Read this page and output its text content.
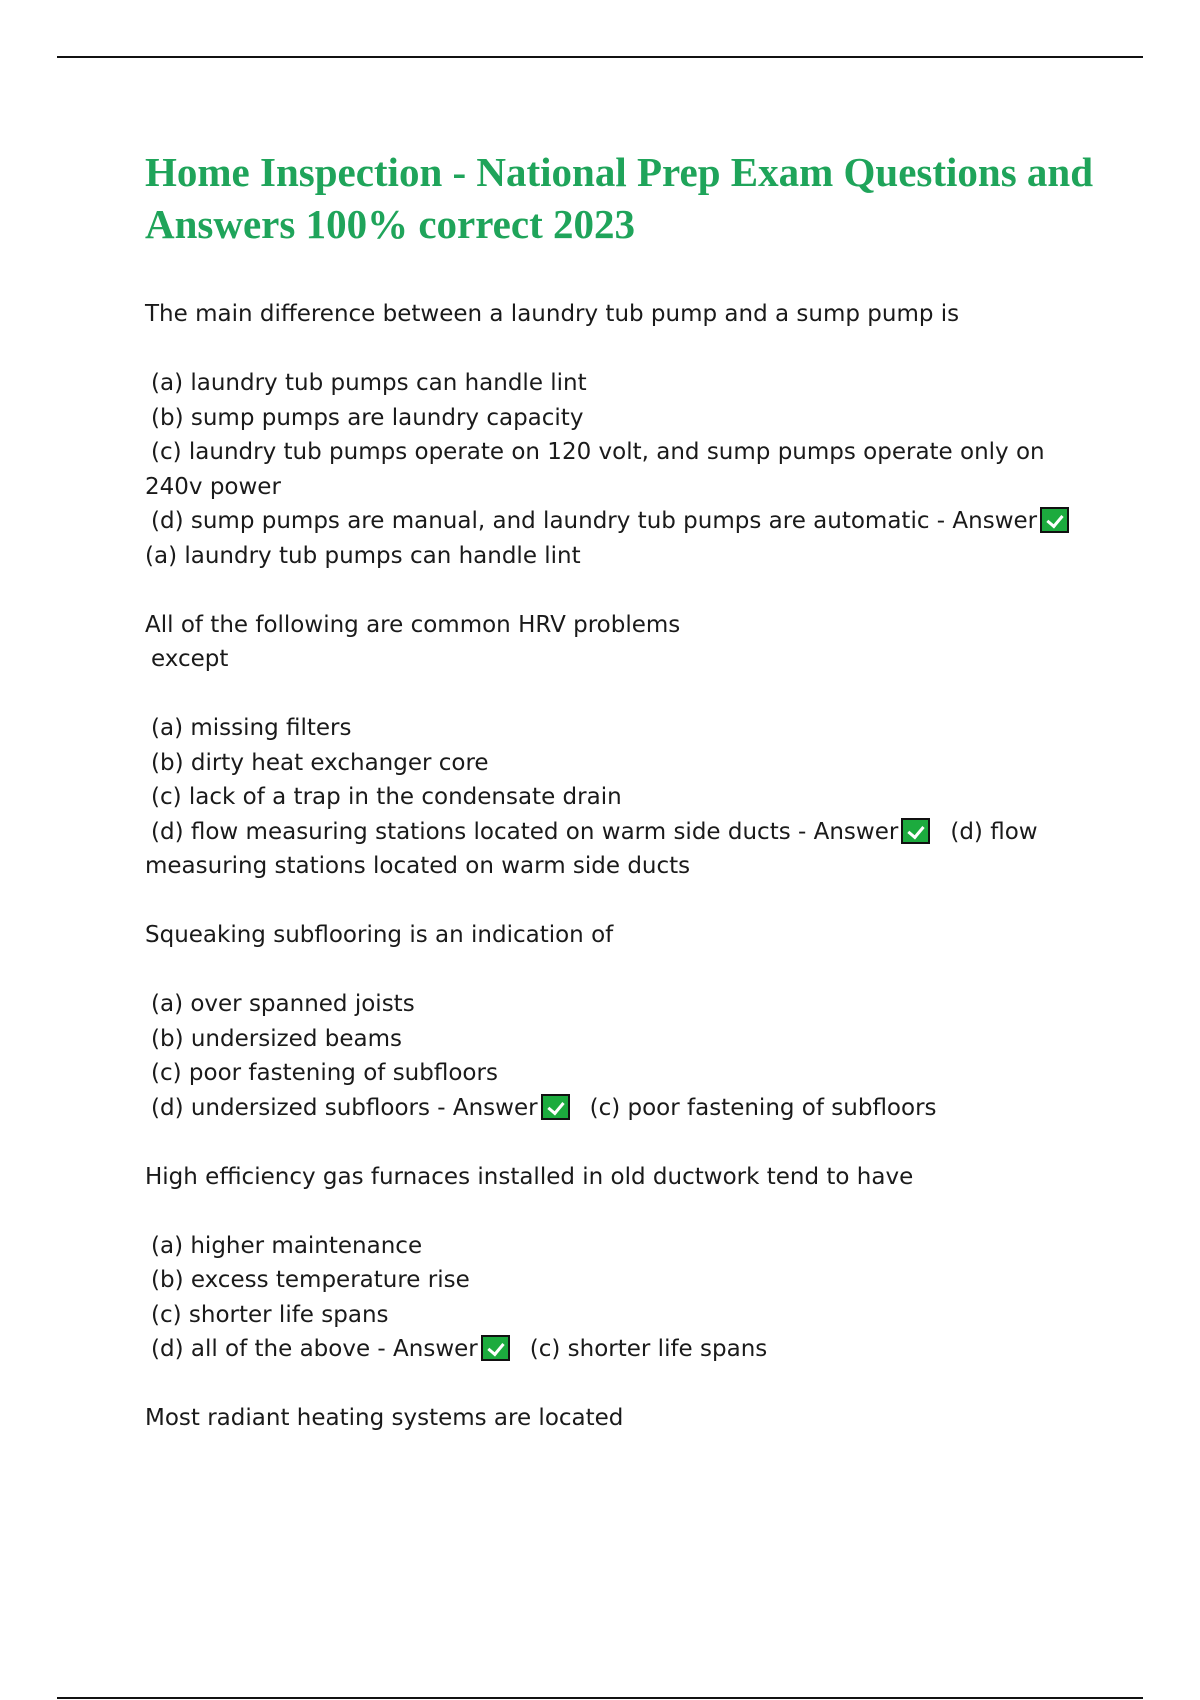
Home Inspection - National Prep Exam Questions and Answers 100% correct 2023
The main difference between a laundry tub pump and a sump pump is
(a) laundry tub pumps can handle lint
(b) sump pumps are laundry capacity
(c) laundry tub pumps operate on 120 volt, and sump pumps operate only on
240v power
(d) sump pumps are manual, and laundry tub pumps are automatic - Answer
(a) laundry tub pumps can handle lint
All of the following are common HRV problems
except
(a) missing filters
(b) dirty heat exchanger core
(c) lack of a trap in the condensate drain
(d) flow measuring stations located on warm side ducts - Answer (d) flow
measuring stations located on warm side ducts
Squeaking subflooring is an indication of
(a) over spanned joists
(b) undersized beams
(c) poor fastening of subfloors
(d) undersized subfloors - Answer (c) poor fastening of subfloors
High efficiency gas furnaces installed in old ductwork tend to have
(a) higher maintenance
(b) excess temperature rise
(c) shorter life spans
(d) all of the above - Answer (c) shorter life spans
Most radiant heating systems are located
